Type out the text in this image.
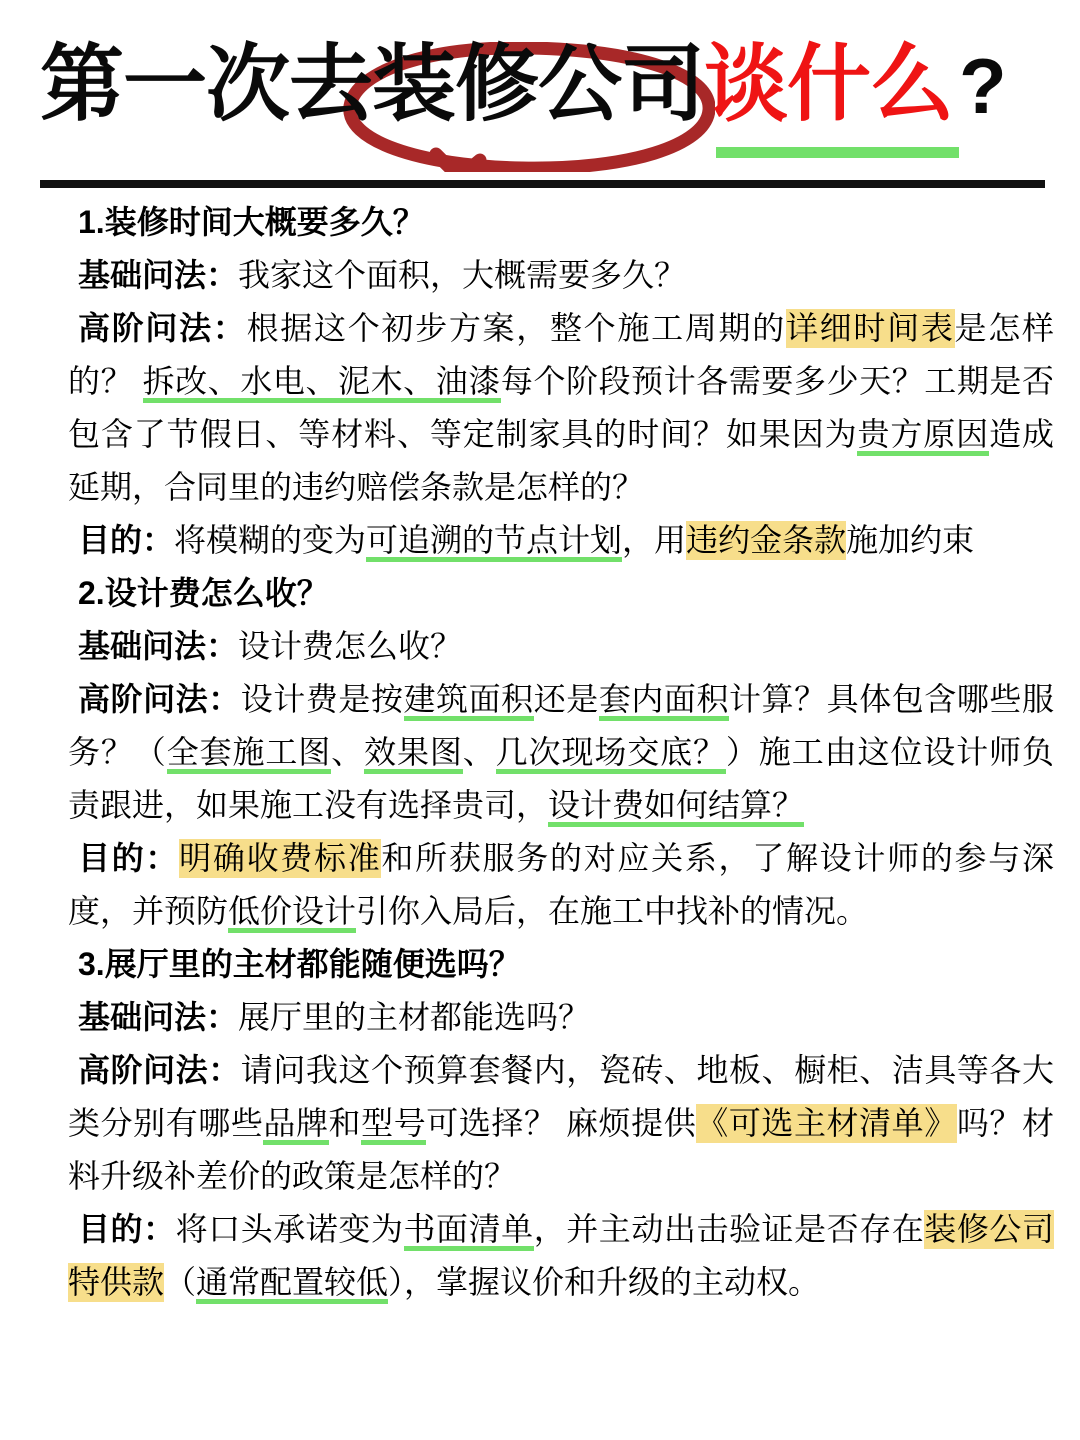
第一次去装修公司谈什么?
1.装修时间大概要多久？
基础问法：我家这个面积，大概需要多久？
高阶问法：根据这个初步方案，整个施工周期的详细时间表是怎样的？ 拆改、水电、泥木、油漆每个阶段预计各需要多少天？工期是否包含了节假日、等材料、等定制家具的时间？如果因为贵方原因造成延期，合同里的违约赔偿条款是怎样的？
目的：将模糊的变为可追溯的节点计划，用违约金条款施加约束
2.设计费怎么收？
基础问法：设计费怎么收？
高阶问法：设计费是按建筑面积还是套内面积计算？具体包含哪些服务？（全套施工图、效果图、几次现场交底？）施工由这位设计师负责跟进，如果施工没有选择贵司，设计费如何结算？
目的：明确收费标准和所获服务的对应关系，了解设计师的参与深度，并预防低价设计引你入局后，在施工中找补的情况。
3.展厅里的主材都能随便选吗？
基础问法：展厅里的主材都能选吗？
高阶问法：请问我这个预算套餐内，瓷砖、地板、橱柜、洁具等各大类分别有哪些品牌和型号可选择？ 麻烦提供《可选主材清单》吗？材料升级补差价的政策是怎样的？
目的：将口头承诺变为书面清单，并主动出击验证是否存在装修公司特供款（通常配置较低），掌握议价和升级的主动权。
